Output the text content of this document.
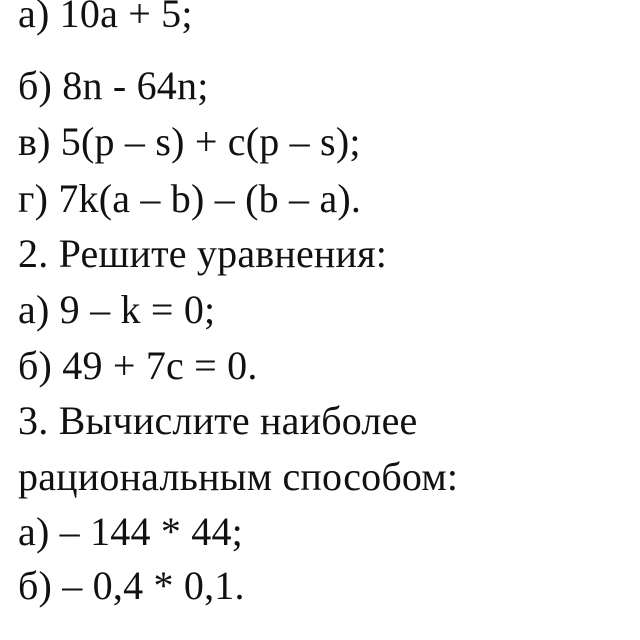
а) 10а + 5;
б) 8n - 64n;
в) 5(p – s) + c(p – s);
г) 7k(a – b) – (b – a).
2. Решите уравнения:
а) 9 – k = 0;
б) 49 + 7c = 0.
3. Вычислите наиболее
рациональным способом:
а) – 144 * 44;
б) – 0,4 * 0,1.
